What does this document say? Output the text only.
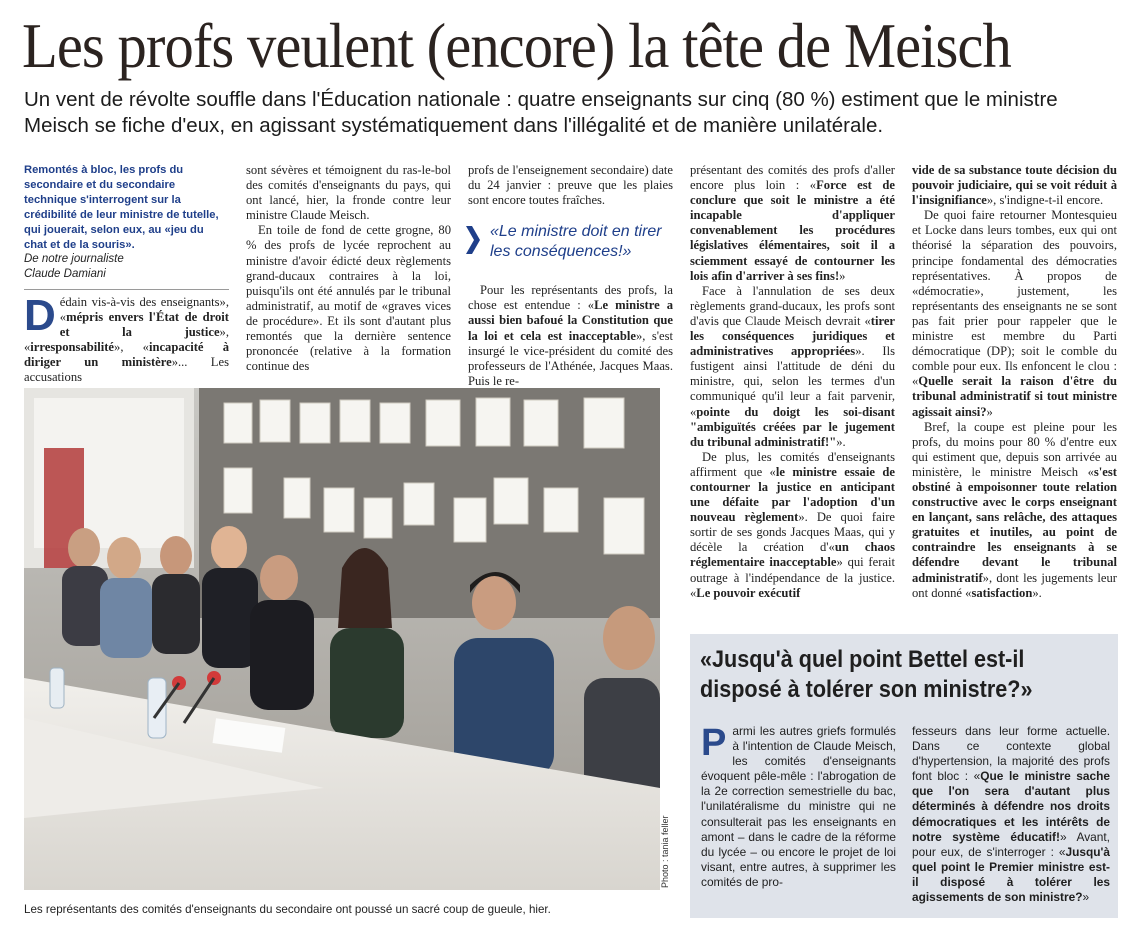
Les profs veulent (encore) la tête de Meisch
Un vent de révolte souffle dans l'Éducation nationale : quatre enseignants sur cinq (80 %) estiment que le ministre Meisch se fiche d'eux, en agissant systématiquement dans l'illégalité et de manière unilatérale.
Remontés à bloc, les profs du secondaire et du secondaire technique s'interrogent sur la crédibilité de leur ministre de tutelle, qui jouerait, selon eux, au «jeu du chat et de la souris».
De notre journaliste
Claude Damiani

Dédain vis-à-vis des enseignants», «mépris envers l'État de droit et la justice», «irresponsabilité», «incapacité à diriger un ministère»... Les accusations

sont sévères et témoignent du ras-le-bol des comités d'enseignants du pays, qui ont lancé, hier, la fronde contre leur ministre Claude Meisch.

En toile de fond de cette grogne, 80 % des profs de lycée reprochent au ministre d'avoir édicté deux règlements grand-ducaux contraires à la loi, puisqu'ils ont été annulés par le tribunal administratif, au motif de «graves vices de procédure». Et ils sont d'autant plus remontés que la dernière sentence prononcée (relative à la formation continue des

profs de l'enseignement secondaire) date du 24 janvier : preuve que les plaies sont encore toutes fraîches.

Pour les représentants des profs, la chose est entendue : «Le ministre a aussi bien bafoué la Constitution que la loi et cela est inacceptable», s'est insurgé le vice-président du comité des professeurs de l'Athénée, Jacques Maas. Puis le re-

«Le ministre doit en tirer les conséquences!»

présentant des comités des profs d'aller encore plus loin : «Force est de conclure que soit le ministre a été incapable d'appliquer convenablement les procédures législatives élémentaires, soit il a sciemment essayé de contourner les lois afin d'arriver à ses fins!»

Face à l'annulation de ses deux règlements grand-ducaux, les profs sont d'avis que Claude Meisch devrait «tirer les conséquences juridiques et administratives appropriées». Ils fustigent ainsi l'attitude de déni du ministre, qui, selon les termes d'un communiqué qu'il leur a fait parvenir, «pointe du doigt les soi-disant "ambiguïtés créées par le jugement du tribunal administratif!"».

De plus, les comités d'enseignants affirment que «le ministre essaie de contourner la justice en anticipant une défaite par l'adoption d'un nouveau règlement». De quoi faire sortir de ses gonds Jacques Maas, qui y décèle la création d'«un chaos réglementaire inacceptable» qui ferait outrage à l'indépendance de la justice. «Le pouvoir exécutif

vide de sa substance toute décision du pouvoir judiciaire, qui se voit réduit à l'insignifiance», s'indigne-t-il encore.

De quoi faire retourner Montesquieu et Locke dans leurs tombes, eux qui ont théorisé la séparation des pouvoirs, principe fondamental des démocraties représentatives. À propos de «démocratie», justement, les représentants des enseignants ne se sont pas fait prier pour rappeler que le ministre est membre du Parti démocratique (DP); soit le comble du comble pour eux. Ils enfoncent le clou : «Quelle serait la raison d'être du tribunal administratif si tout ministre agissait ainsi?»

Bref, la coupe est pleine pour les profs, du moins pour 80 % d'entre eux qui estiment que, depuis son arrivée au ministère, le ministre Meisch «s'est obstiné à empoisonner toute relation constructive avec le corps enseignant en lançant, sans relâche, des attaques gratuites et inutiles, au point de contraindre les enseignants à se défendre devant le tribunal administratif», dont les jugements leur ont donné «satisfaction».

Photo : tania feller
Les représentants des comités d'enseignants du secondaire ont poussé un sacré coup de gueule, hier.
«Jusqu'à quel point Bettel est-il
disposé à tolérer son ministre?»

Parmi les autres griefs formulés à l'intention de Claude Meisch, les comités d'enseignants évoquent pêle-mêle : l'abrogation de la 2e correction semestrielle du bac, l'unilatéralisme du ministre qui ne consulterait pas les enseignants en amont – dans le cadre de la réforme du lycée – ou encore le projet de loi visant, entre autres, à supprimer les comités de pro-

fesseurs dans leur forme actuelle. Dans ce contexte global d'hypertension, la majorité des profs font bloc : «Que le ministre sache que l'on sera d'autant plus déterminés à défendre nos droits démocratiques et les intérêts de notre système éducatif!» Avant, pour eux, de s'interroger : «Jusqu'à quel point le Premier ministre est-il disposé à tolérer les agissements de son ministre?»
